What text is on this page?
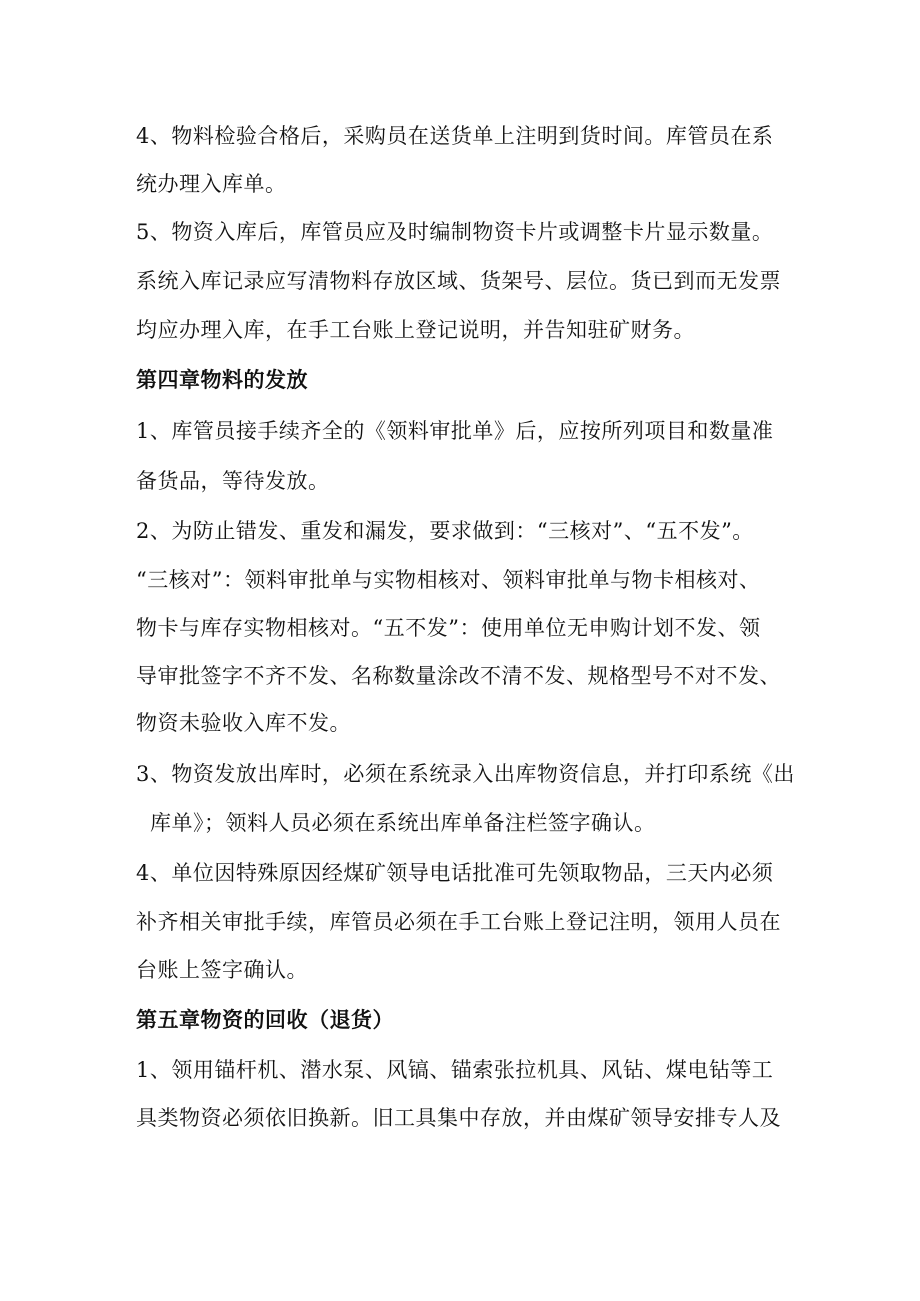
4、物料检验合格后，采购员在送货单上注明到货时间。库管员在系
统办理入库单。
5、物资入库后，库管员应及时编制物资卡片或调整卡片显示数量。
系统入库记录应写清物料存放区域、货架号、层位。货已到而无发票
均应办理入库，在手工台账上登记说明，并告知驻矿财务。
第四章物料的发放
1、库管员接手续齐全的《领料审批单》后，应按所列项目和数量准
备货品，等待发放。
2、为防止错发、重发和漏发，要求做到：“三核对”、“五不发”。
“三核对”：领料审批单与实物相核对、领料审批单与物卡相核对、
物卡与库存实物相核对。“五不发”：使用单位无申购计划不发、领
导审批签字不齐不发、名称数量涂改不清不发、规格型号不对不发、
物资未验收入库不发。
3、物资发放出库时，必须在系统录入出库物资信息，并打印系统《出
库单》；领料人员必须在系统出库单备注栏签字确认。
4、单位因特殊原因经煤矿领导电话批准可先领取物品，三天内必须
补齐相关审批手续，库管员必须在手工台账上登记注明，领用人员在
台账上签字确认。
第五章物资的回收（退货）
1、领用锚杆机、潜水泵、风镐、锚索张拉机具、风钻、煤电钻等工
具类物资必须依旧换新。旧工具集中存放，并由煤矿领导安排专人及
